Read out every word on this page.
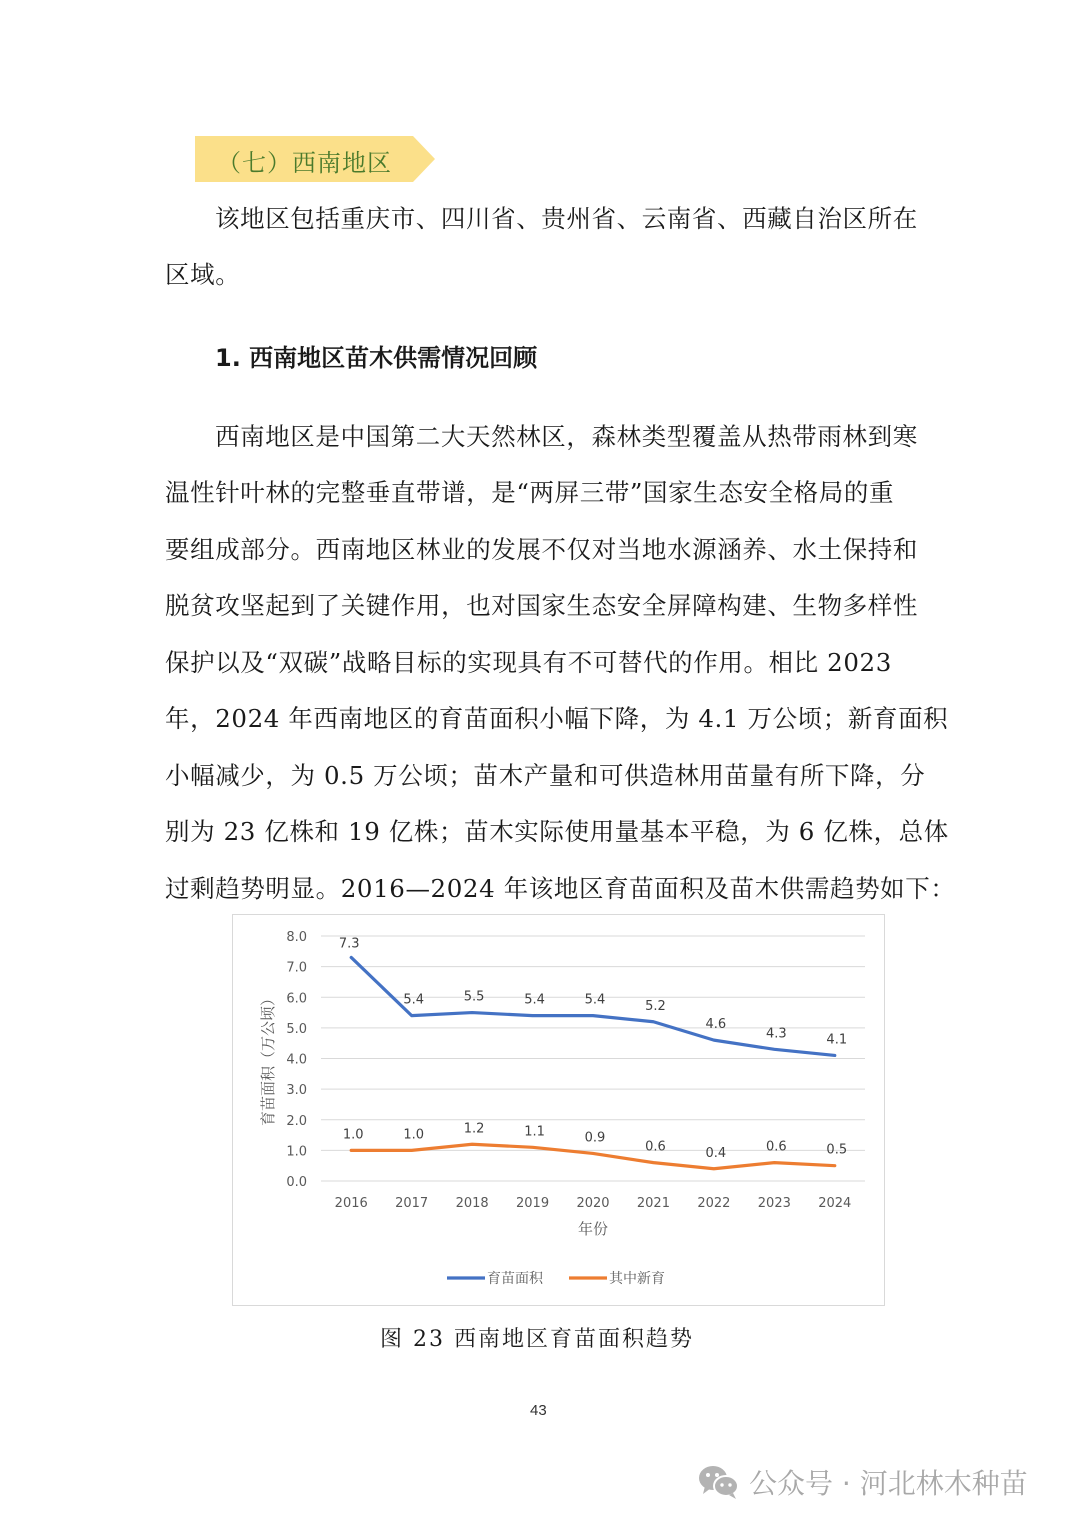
（七）西南地区
该地区包括重庆市、四川省、贵州省、云南省、西藏自治区所在
区域。
1. 西南地区苗木供需情况回顾
西南地区是中国第二大天然林区，森林类型覆盖从热带雨林到寒
温性针叶林的完整垂直带谱，是“两屏三带”国家生态安全格局的重
要组成部分。西南地区林业的发展不仅对当地水源涵养、水土保持和
脱贫攻坚起到了关键作用，也对国家生态安全屏障构建、生物多样性
保护以及“双碳”战略目标的实现具有不可替代的作用。相比 2023
年，2024 年西南地区的育苗面积小幅下降，为 4.1 万公顷；新育面积
小幅减少，为 0.5 万公顷；苗木产量和可供造林用苗量有所下降，分
别为 23 亿株和 19 亿株；苗木实际使用量基本平稳，为 6 亿株，总体
过剩趋势明显。2016—2024 年该地区育苗面积及苗木供需趋势如下：
0.0
1.0
2.0
3.0
4.0
5.0
6.0
7.0
8.0
2016 2017 2018 2019 2020 2021 2022 2023 2024
年份
育苗面积（万公顷）
7.3
5.4	5.5	5.4	5.4	5.2
4.6
4.3	4.1
1.0	1.0	1.2	1.1	0.9
0.6	0.4	0.6	0.5
育苗面积	其中新育
图 23 西南地区育苗面积趋势
43
公众号 · 河北林木种苗
